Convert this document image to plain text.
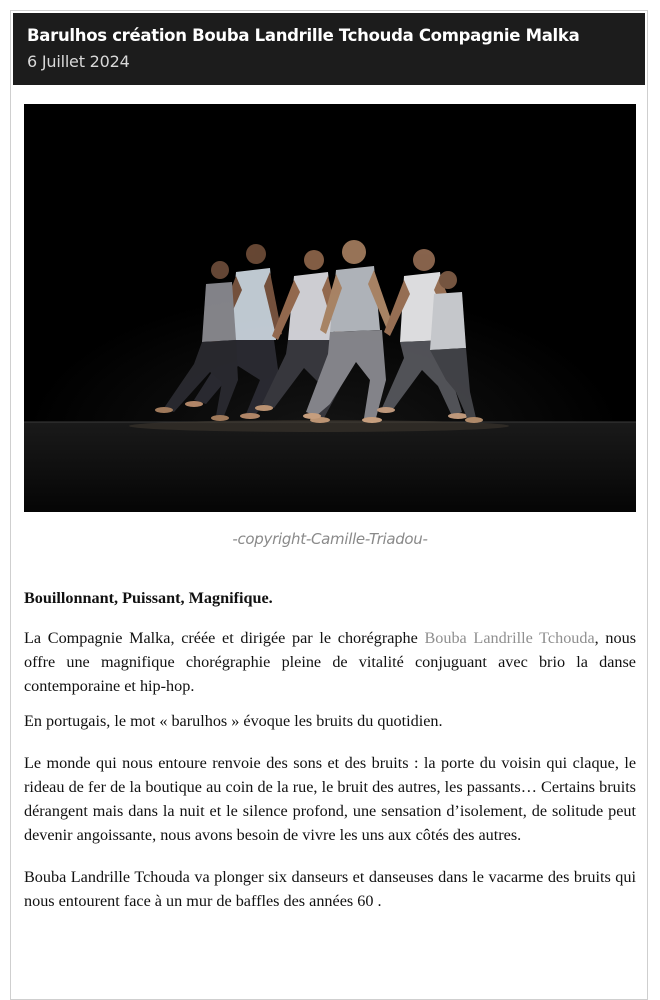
Barulhos création Bouba Landrille Tchouda Compagnie Malka
6 Juillet 2024
-copyright-Camille-Triadou-

Bouillonnant, Puissant, Magnifique.

La Compagnie Malka, créée et dirigée par le chorégraphe Bouba Landrille Tchouda, nous offre une magnifique chorégraphie pleine de vitalité conjuguant avec brio la danse contemporaine et hip-hop.

En portugais, le mot « barulhos » évoque les bruits du quotidien.

Le monde qui nous entoure renvoie des sons et des bruits : la porte du voisin qui claque, le rideau de fer de la boutique au coin de la rue, le bruit des autres, les passants… Certains bruits dérangent mais dans la nuit et le silence profond, une sensation d’isolement, de solitude peut devenir angoissante, nous avons besoin de vivre les uns aux côtés des autres.

Bouba Landrille Tchouda va plonger six danseurs et danseuses dans le vacarme des bruits qui nous entourent face à un mur de baffles des années 60 .
